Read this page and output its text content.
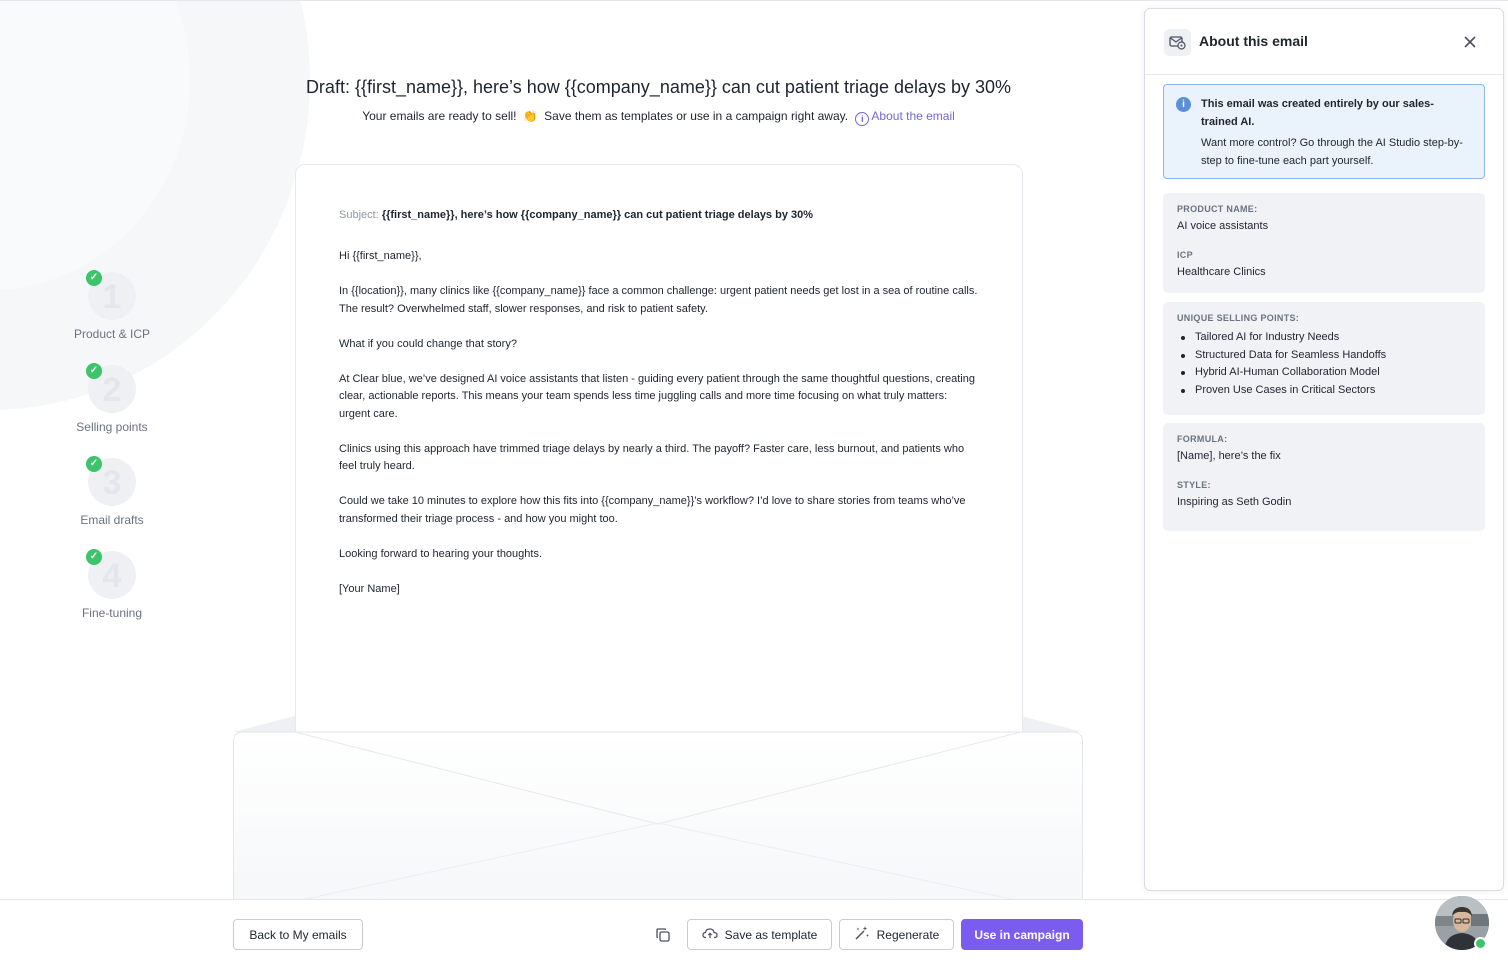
1
✓
Product & ICP
2
✓
Selling points
3
✓
Email drafts
4
✓
Fine-tuning
Draft: {{first_name}}, here’s how {{company_name}} can cut patient triage delays by 30%
Your emails are ready to sell! 👏 Save them as templates or use in a campaign right away. i About the email
Subject: {{first_name}}, here’s how {{company_name}} can cut patient triage delays by 30%

Hi {{first_name}},

In {{location}}, many clinics like {{company_name}} face a common challenge: urgent patient needs get lost in a sea of routine calls. The result? Overwhelmed staff, slower responses, and risk to patient safety.

What if you could change that story?

At Clear blue, we’ve designed AI voice assistants that listen - guiding every patient through the same thoughtful questions, creating clear, actionable reports. This means your team spends less time juggling calls and more time focusing on what truly matters: urgent care.

Clinics using this approach have trimmed triage delays by nearly a third. The payoff? Faster care, less burnout, and patients who feel truly heard.

Could we take 10 minutes to explore how this fits into {{company_name}}’s workflow? I’d love to share stories from teams who’ve transformed their triage process - and how you might too.

Looking forward to hearing your thoughts.

[Your Name]

About this email
i	This email was created entirely by our sales-trained AI.
Want more control? Go through the AI Studio step-by-step to fine-tune each part yourself.
PRODUCT NAME:
AI voice assistants
ICP
Healthcare Clinics
UNIQUE SELLING POINTS:
Tailored AI for Industry Needs
Structured Data for Seamless Handoffs
Hybrid AI-Human Collaboration Model
Proven Use Cases in Critical Sectors
FORMULA:
[Name], here’s the fix
STYLE:
Inspiring as Seth Godin
Back to My emails	Save as template	Regenerate	Use in campaign
